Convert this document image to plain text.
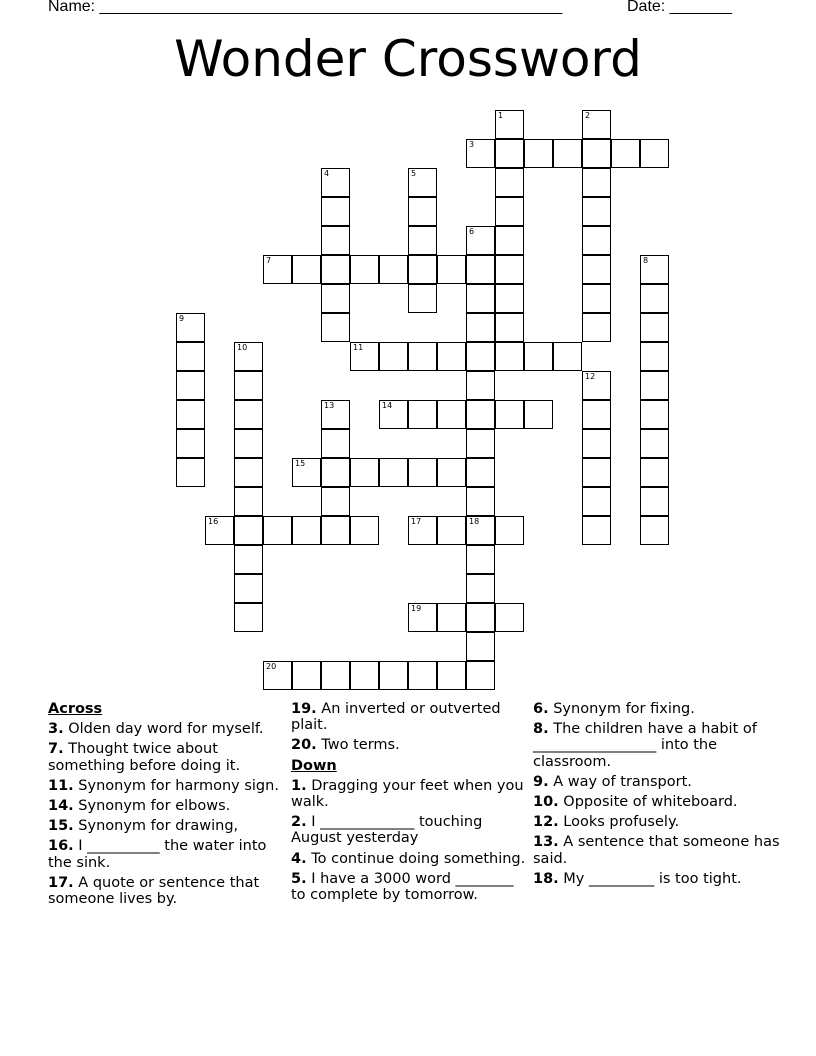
Name: ____________________________________________________	Date: _______
Wonder Crossword
1	2
3
4	5
6
7	8
9
10	11
12
13	14
15
16	17	18
19
20
Across
3. Olden day word for myself.
7. Thought twice about something before doing it.
11. Synonym for harmony sign.
14. Synonym for elbows.
15. Synonym for drawing,
16. I __________ the water into the sink.
17. A quote or sentence that someone lives by.
19. An inverted or outverted plait.
20. Two terms.
Down
1. Dragging your feet when you walk.
2. I _____________ touching August yesterday
4. To continue doing something.
5. I have a 3000 word ________ to complete by tomorrow.
6. Synonym for fixing.
8. The children have a habit of _________________ into the classroom.
9. A way of transport.
10. Opposite of whiteboard.
12. Looks profusely.
13. A sentence that someone has said.
18. My _________ is too tight.
